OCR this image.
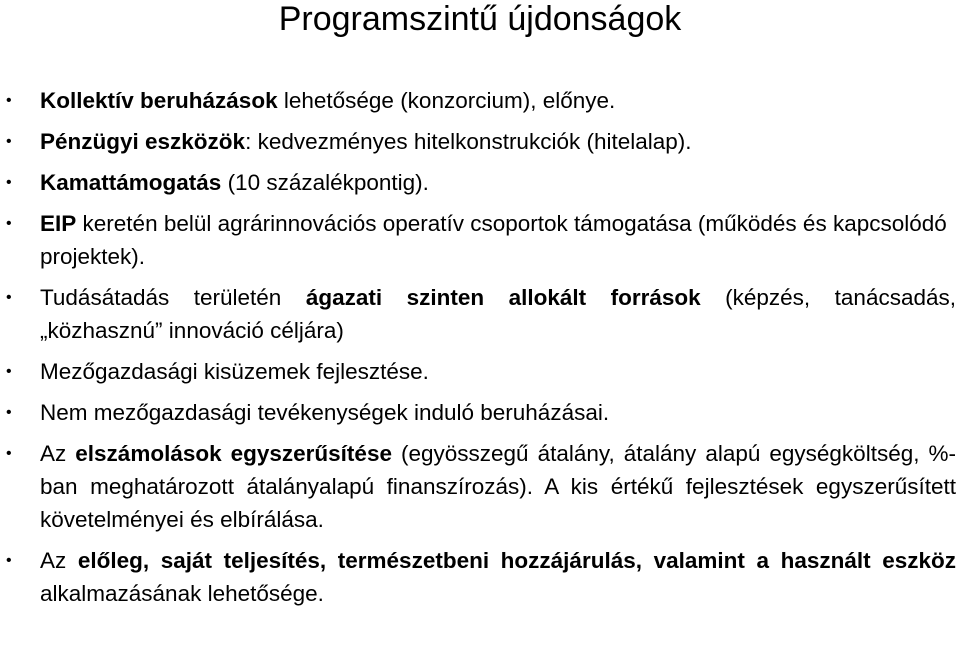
Programszintű újdonságok
• Kollektív beruházások lehetősége (konzorcium), előnye.
• Pénzügyi eszközök: kedvezményes hitelkonstrukciók (hitelalap).
• Kamattámogatás (10 százalékpontig).
• EIP keretén belül agrárinnovációs operatív csoportok támogatása (működés és kapcsolódó projektek).
• Tudásátadás területén ágazati szinten allokált források (képzés, tanácsadás, „közhasznú” innováció céljára)
• Mezőgazdasági kisüzemek fejlesztése.
• Nem mezőgazdasági tevékenységek induló beruházásai.
• Az elszámolások egyszerűsítése (egyösszegű átalány, átalány alapú egységköltség, %-ban meghatározott átalányalapú finanszírozás). A kis értékű fejlesztések egyszerűsített követelményei és elbírálása.
• Az előleg, saját teljesítés, természetbeni hozzájárulás, valamint a használt eszköz alkalmazásának lehetősége.
